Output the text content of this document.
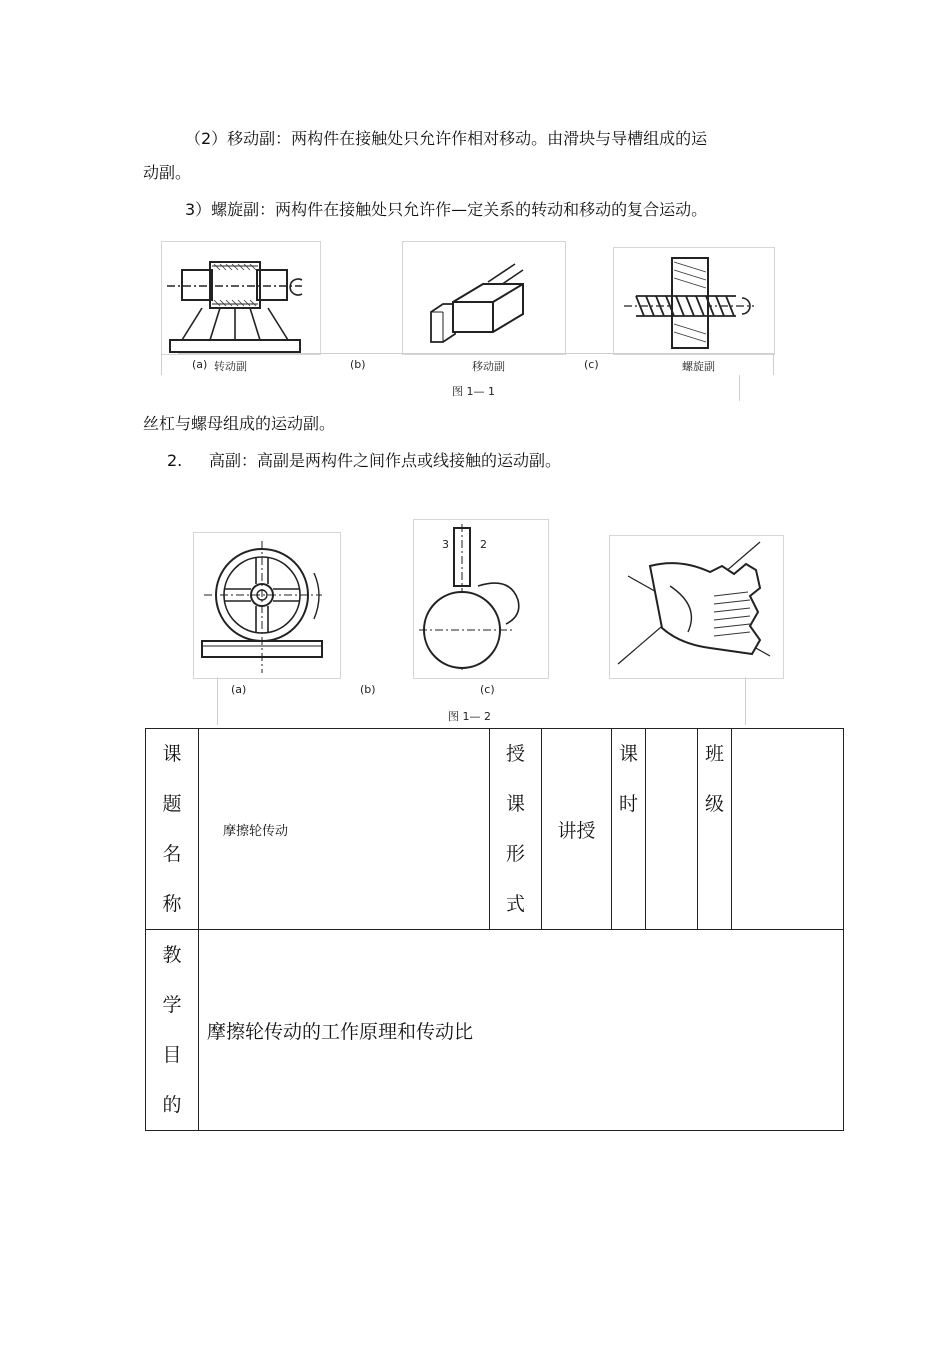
（2）移动副：两构件在接触处只允许作相对移动。由滑块与导槽组成的运
动副。
3）螺旋副：两构件在接触处只允许作—定关系的转动和移动的复合运动。
(a) 转动副	(b)	移动副	(c)	螺旋副
图 1— 1
丝杠与螺母组成的运动副。
2. 高副：高副是两构件之间作点或线接触的运动副。
3	2
(a)	(b)	(c)
图 1— 2
课
题
名
称	摩擦轮传动	授
课
形
式	讲授	课
时		班
级	

教
学
目
的	摩擦轮传动的工作原理和传动比						
